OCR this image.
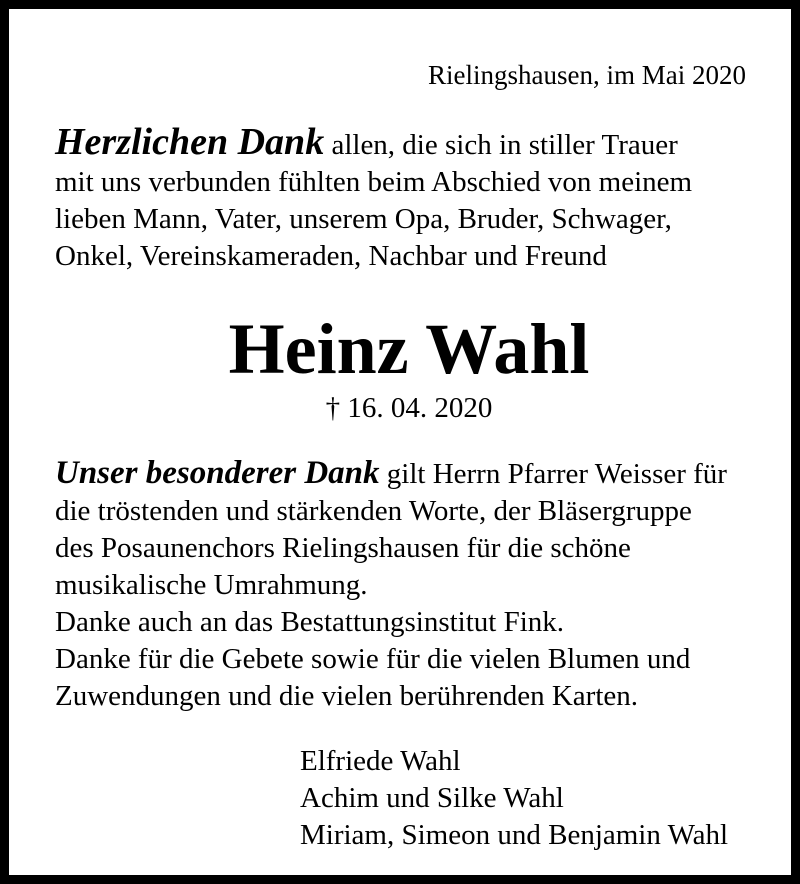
Rielingshausen, im Mai 2020
Herzlichen Dank allen, die sich in stiller Trauer
mit uns verbunden fühlten beim Abschied von meinem
lieben Mann, Vater, unserem Opa, Bruder, Schwager,
Onkel, Vereinskameraden, Nachbar und Freund
Heinz Wahl
† 16. 04. 2020
Unser besonderer Dank gilt Herrn Pfarrer Weisser für
die tröstenden und stärkenden Worte, der Bläsergruppe
des Posaunenchors Rielingshausen für die schöne
musikalische Umrahmung.
Danke auch an das Bestattungsinstitut Fink.
Danke für die Gebete sowie für die vielen Blumen und
Zuwendungen und die vielen berührenden Karten.
Elfriede Wahl
Achim und Silke Wahl
Miriam, Simeon und Benjamin Wahl
